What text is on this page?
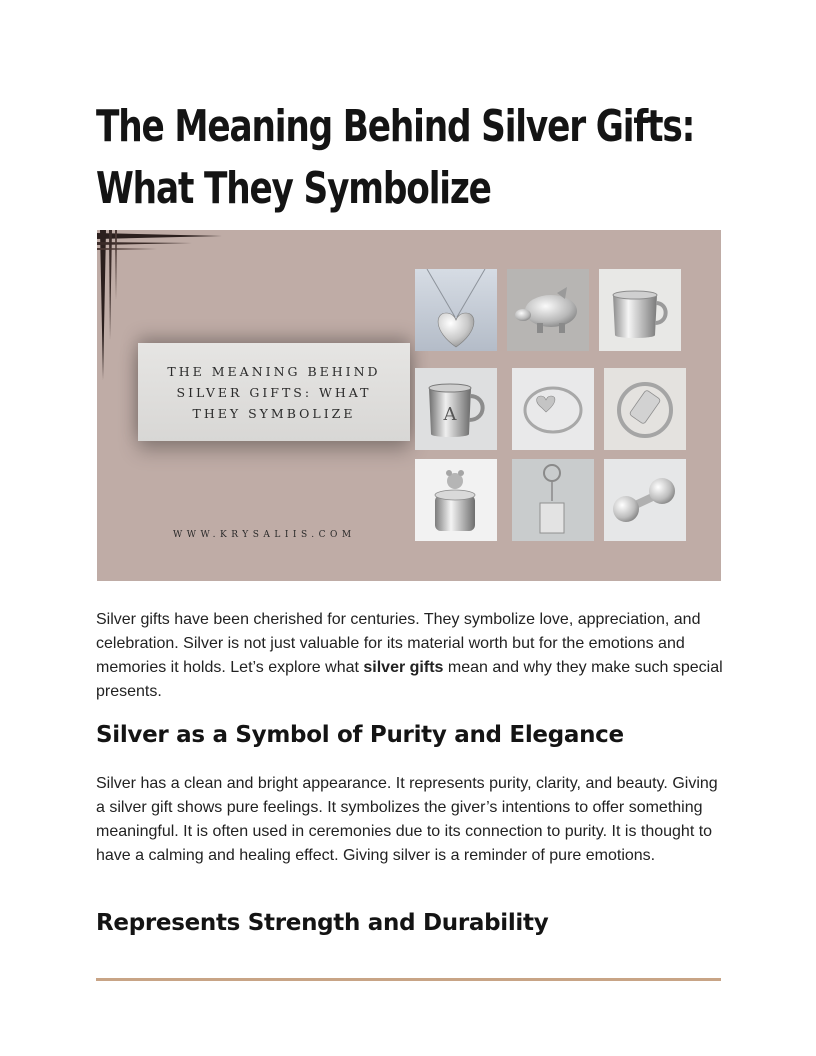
The Meaning Behind Silver Gifts:
What They Symbolize
THE MEANING BEHIND
SILVER GIFTS: WHAT
THEY SYMBOLIZE
WWW.KRYSALIIS.COM
A

Silver gifts have been cherished for centuries. They symbolize love, appreciation, and celebration. Silver is not just valuable for its material worth but for the emotions and memories it holds. Let’s explore what silver gifts mean and why they make such special presents.

Silver as a Symbol of Purity and Elegance

Silver has a clean and bright appearance. It represents purity, clarity, and beauty. Giving a silver gift shows pure feelings. It symbolizes the giver’s intentions to offer something meaningful. It is often used in ceremonies due to its connection to purity. It is thought to have a calming and healing effect. Giving silver is a reminder of pure emotions.

Represents Strength and Durability
